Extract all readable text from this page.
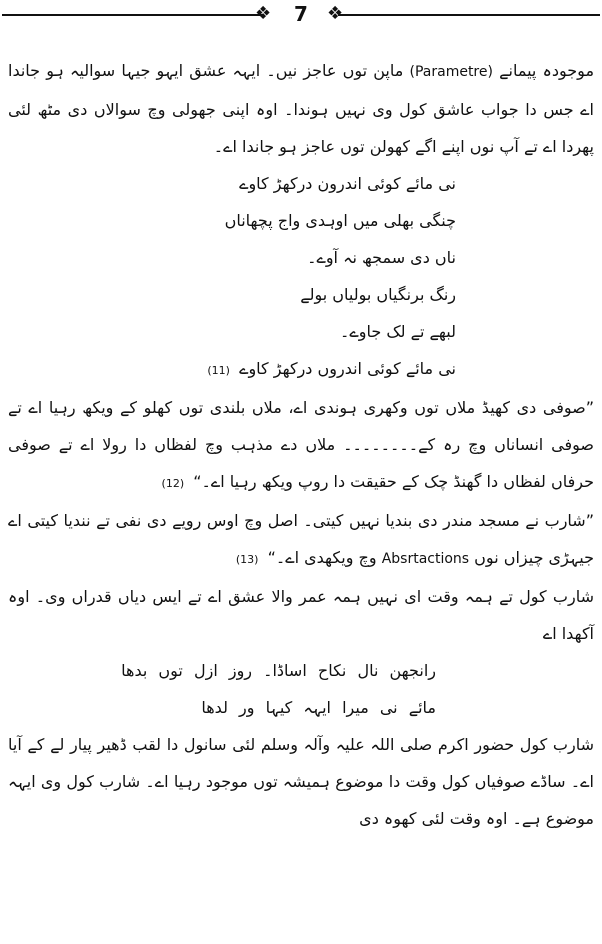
❖	7	❖

موجودہ پیمانے (Parametre) ماپن توں عاجز نیں۔ ایہہ عشق ایہو جیہا سوالیہ ہو جاندا اے جس دا جواب عاشق کول وی نہیں ہوندا۔ اوہ اپنی جھولی وچ سوالاں دی مٹھ لئی پھردا اے تے آپ نوں اپنے اگے کھولن توں عاجز ہو جاندا اے۔

نی مائے کوئی اندرون درکھڑ کاوے

چنگی بھلی میں اوہدی واج پچھاناں

ناں دی سمجھ نہ آوے۔

رنگ برنگیاں بولیاں بولے

لبھے تے لک جاوے۔

نی مائے کوئی اندروں درکھڑ کاوے (11)

”صوفی دی کھیڈ ملاں توں وکھری ہوندی اے، ملاں بلندی توں کھلو کے ویکھ رہیا اے تے صوفی انساناں وچ رہ کے۔۔۔۔۔۔۔۔ ملاں دے مذہب وچ لفظاں دا رولا اے تے صوفی حرفاں لفظاں دا گھنڈ چک کے حقیقت دا روپ ویکھ رہیا اے۔“ (12)

”شارب نے مسجد مندر دی بندیا نہیں کیتی۔ اصل وچ اوس رویے دی نفی تے نندیا کیتی اے جیہڑی چیزاں نوں Absrtactions وچ ویکھدی اے۔“ (13)

شارب کول تے ہمہ وقت ای نہیں ہمہ عمر والا عشق اے تے ایس دیاں قدراں وی۔ اوہ آکھدا اے

رانجھن نال نکاح اساڈا۔ روز ازل توں بدھا

مائے نی میرا ایہہ کیہا ور لدھا

شارب کول حضور اکرم صلی اللہ علیہ وآلہ وسلم لئی سانول دا لقب ڈھیر پیار لے کے آیا اے۔ ساڈے صوفیاں کول وقت دا موضوع ہمیشہ توں موجود رہیا اے۔ شارب کول وی ایہہ موضوع ہے۔ اوہ وقت لئی کھوہ دی
